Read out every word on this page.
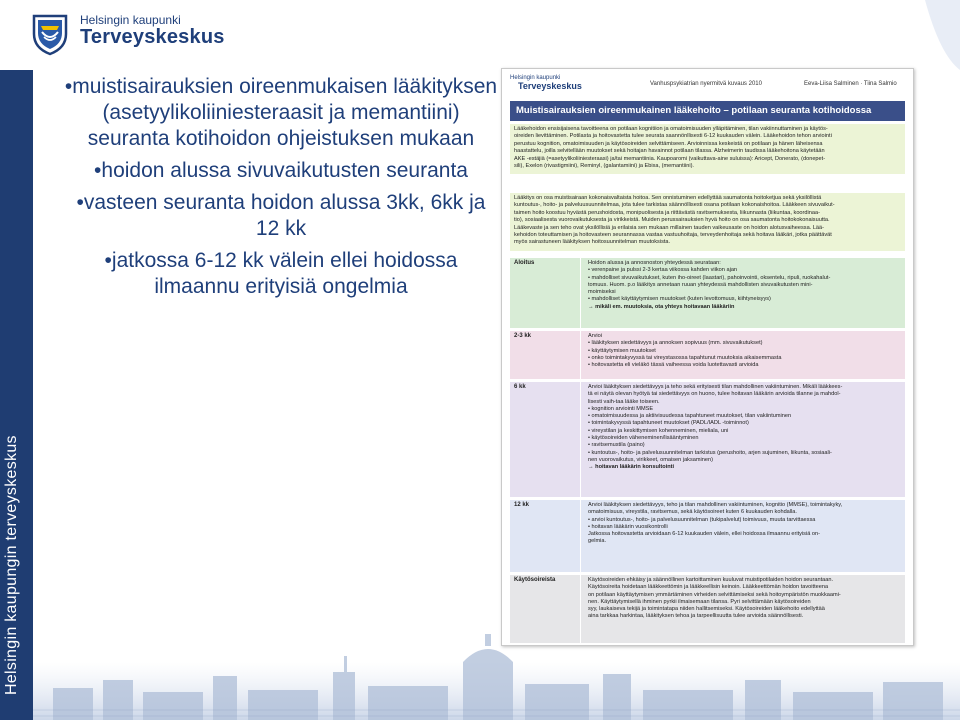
Helsingin kaupunki
Terveyskeskus
Helsingin kaupungin terveyskeskus
•muistisairauksien oireenmukaisen lääkityksen (asetyylikoliiniesteraasit ja memantiini) seuranta kotihoidon ohjeistuksen mukaan
•hoidon alussa sivuvaikutusten seuranta
•vasteen seuranta hoidon alussa 3kk, 6kk ja 12 kk
•jatkossa 6-12 kk välein ellei hoidossa ilmaannu erityisiä ongelmia
Helsingin kaupunki
Terveyskeskus	Vanhuspsykiatrian nyermitvä kuvaus 2010	Eeva-Liisa Salminen · Tiina Salmio
Muistisairauksien oireenmukainen lääkehoito – potilaan seuranta kotihoidossa
Lääkehoidon ensisijaisena tavoitteena on potilaan kognitiion ja omatoimisuuden ylläpitäminen, tilan vakiinnuttaminen ja käytös-
oireiden lievittäminen. Potilasta ja hoitovastetta tulee seurata saannönllisesti 6-12 kuukauden välein. Lääkehoidon tehon arviointi
perustuu kognition, omatoimisuuden ja käytösoireiden selvittämiseen. Arvioinnissa keskeistä on potilaan ja hänen läheisensa
haastattelu, joilla selvitellään muutokset sekä hoitajan havainnot potilaan tilassa. Alzheimerin taudissa lääkehoitona käytetään
AKE -estäjiä (=asetyylikoliiniesteraasi) ja/tai memantiinia. Kaupoaromi (vaikuttava-aine suluissa): Aricept, Donerato, (donepet-
sili), Exelon (rivastigmiini), Reminyl, (galantamiini) ja Ebixa, (memantiini).
Lääkitys on osa muistisairaan kokonaisvaltaista hoitoa. Sen onnistuminen edellyttää saumatonta hoitoketjua sekä yksilöllistä
kuntoutus-, hoito- ja palveluusuunnitelmaa, jota tulee tarkistaa säännöllisesti osana potilaan kokonaishoitoa. Lääkkeen sivuvaikut-
taimen hoito koostuu hyvästä perushoidosta, monipuolisesta ja riittävästä ravitsemuksesta, liikunnasta (liikuntaa, koordinaa-
tio), sosiaalisesta vuorovaikutuksesta ja virikkeistä. Muiden perussairauksien hyvä hoito on osa saumatonta hoitokokonaisuutta.
Lääkevaste ja sen teho ovat yksilöllisiä ja erilaisia sen mukaan millainen tauden vaikeusaste on hoidon alotusvaiheessa. Lää-
kehoidon toteuttamisen ja hoitovasteen seurannassa vastaa vastuuhoitaja, terveydenhoitaja sekä hoitava lääkäri, jotka päättävät
myös sairastuneen lääkityksen hoitosuunnitelman muutoksista.
Aloitus	Hoidon alussa ja annosnoston yhteydessä seurataan:
• verenpaine ja pulssi 2-3 kertaa viikossa kahden viikon ajan
• mahdolliset sivuvaikutukset, kuten iho-oireet (laastari), pahoinvointi, oksentelu, ripuli, ruokahalut-
tomuus. Huom. p.o lääkitys annetaan ruuan yhteydessä mahdollisten sivuvaikutusten mini-
moimiseksi
• mahdolliset käyttäytymisen muutokset (kuten levottomuus, kiihtyneisyys)
→ mikäli em. muutoksia, ota yhteys hoitavaan lääkäriin
2-3 kk	Arvioi
• lääkityksen siedettävyys ja annoksen sopivuus (mm. sivuvaikutukset)
• käyttäytymisen muutokset
• onko toimintakyvyssä tai vireystasossa tapahtunut muutoksia aikaisemmasta
• hoitovastetta eli vieläkö tässä vaiheessa voida luotettavasti arvioida
6 kk	Arvioi lääkityksen siedettävyys ja teho sekä erityisesti tilan mahdollinen vakiintuminen. Mikäli lääkkees-
tä ei näytä olevan hyötyä tai siedettävyys on huono, tulee hoitavan lääkärin arvioida tilanne ja mahdol-
lisesti vaih-taa lääke toiseen.
• kognition arviointi MMSE
• omatoimisuudessa ja aktiivisuudessa tapahtuneet muutokset, tilan vakiintuminen
• toimintakyvyssä tapahtuneet muutokset (PADL/IADL -toiminnot)
• vireystilan ja keskittymisen kohenneminen, mieliala, uni
• käytösoireiden väheneminen/lisääntyminen
• ravitsemustila (paino)
• kuntoutus-, hoito- ja palvelusuunnitelman tarkistus (perushoito, arjen sujuminen, liikunta, sosiaali-
nen vuorovaikutus, virikkeet, omaisen jaksaminen)
→ hoitavan lääkärin konsultointi
12 kk	Arvioi lääkityksen siedettävyys, teho ja tilan mahdollinen vakiintuminen, kognitio (MMSE), toimintakyky,
omatoimisuus, vireystila, ravitsemus, sekä käytösoireet kuten 6 kuukauden kohdalla.
• arvioi kuntoutus-, hoito- ja palvelusuunnitelman (tukipalvelut) toimivuus, muuta tarvittaessa
• hoitavan lääkärin vuosikontrolli
Jatkossa hoitovastetta arvioidaan 6-12 kuukauden välein, ellei hoidossa ilmaannu erityisiä on-
gelmia.
Käytösoireista	Käytösoireiden ehkäisy ja säännöllinen kartoittaminen kuuluvat muistipotilaiden hoidon seurantaan.
Käytösoireita hoidetaan lääkkeettömin ja lääkkeellisin keinoin. Lääkkeettömän hoidon tavoitteena
on potilaan käyttäytymisen ymmärtäminen virheiden selvittämiseksi sekä hoitoympäristön muokkaami-
nen. Käyttäytymisellä ihminen pyrkii ilmaisemaan tilansa. Pyri selvittämään käytösoireiden
syy, laukaiseva tekijä ja toimintatapa niiden hallitsemiseksi. Käytösoireiden lääkehoito edellyttää
aina tarkkaa harkintaa, lääkityksen tehoa ja tarpeellisuutta tulee arvioida säännöllisesti.
